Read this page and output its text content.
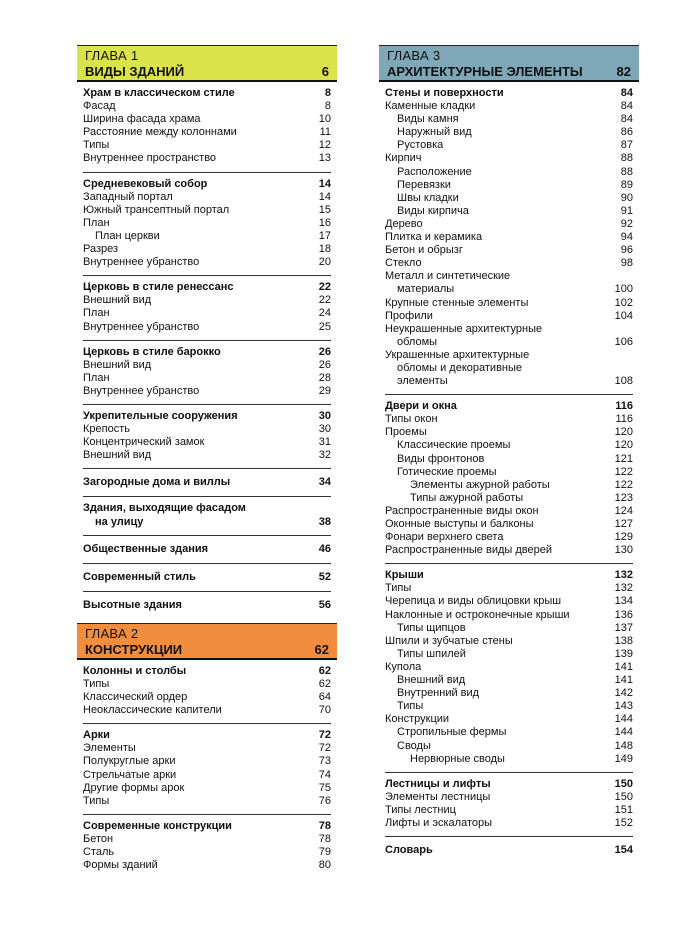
ГЛАВА 1
ВИДЫ ЗДАНИЙ	6
Храм в классическом стиле	8
Фасад	8
Ширина фасада храма	10
Расстояние между колоннами	11
Типы	12
Внутреннее пространство	13
Средневековый собор	14
Западный портал	14
Южный трансептный портал	15
План	16
План церкви	17
Разрез	18
Внутреннее убранство	20
Церковь в стиле ренессанс	22
Внешний вид	22
План	24
Внутреннее убранство	25
Церковь в стиле барокко	26
Внешний вид	26
План	28
Внутреннее убранство	29
Укрепительные сооружения	30
Крепость	30
Концентрический замок	31
Внешний вид	32
Загородные дома и виллы	34
Здания, выходящие фасадом
на улицу	38
Общественные здания	46
Современный стиль	52
Высотные здания	56
ГЛАВА 2
КОНСТРУКЦИИ	62
Колонны и столбы	62
Типы	62
Классический ордер	64
Неоклассические капители	70
Арки	72
Элементы	72
Полукруглые арки	73
Стрельчатые арки	74
Другие формы арок	75
Типы	76
Современные конструкции	78
Бетон	78
Сталь	79
Формы зданий	80
ГЛАВА 3
АРХИТЕКТУРНЫЕ ЭЛЕМЕНТЫ	82
Стены и поверхности	84
Каменные кладки	84
Виды камня	84
Наружный вид	86
Рустовка	87
Кирпич	88
Расположение	88
Перевязки	89
Швы кладки	90
Виды кирпича	91
Дерево	92
Плитка и керамика	94
Бетон и обрызг	96
Стекло	98
Металл и синтетические
материалы	100
Крупные стенные элементы	102
Профили	104
Неукрашенные архитектурные
обломы	106
Украшенные архитектурные
обломы и декоративные
элементы	108
Двери и окна	116
Типы окон	116
Проемы	120
Классические проемы	120
Виды фронтонов	121
Готические проемы	122
Элементы ажурной работы	122
Типы ажурной работы	123
Распространенные виды окон	124
Оконные выступы и балконы	127
Фонари верхнего света	129
Распространенные виды дверей	130
Крыши	132
Типы	132
Черепица и виды облицовки крыш	134
Наклонные и остроконечные крыши	136
Типы щипцов	137
Шпили и зубчатые стены	138
Типы шпилей	139
Купола	141
Внешний вид	141
Внутренний вид	142
Типы	143
Конструкции	144
Стропильные фермы	144
Своды	148
Нервюрные своды	149
Лестницы и лифты	150
Элементы лестницы	150
Типы лестниц	151
Лифты и эскалаторы	152
Словарь	154
